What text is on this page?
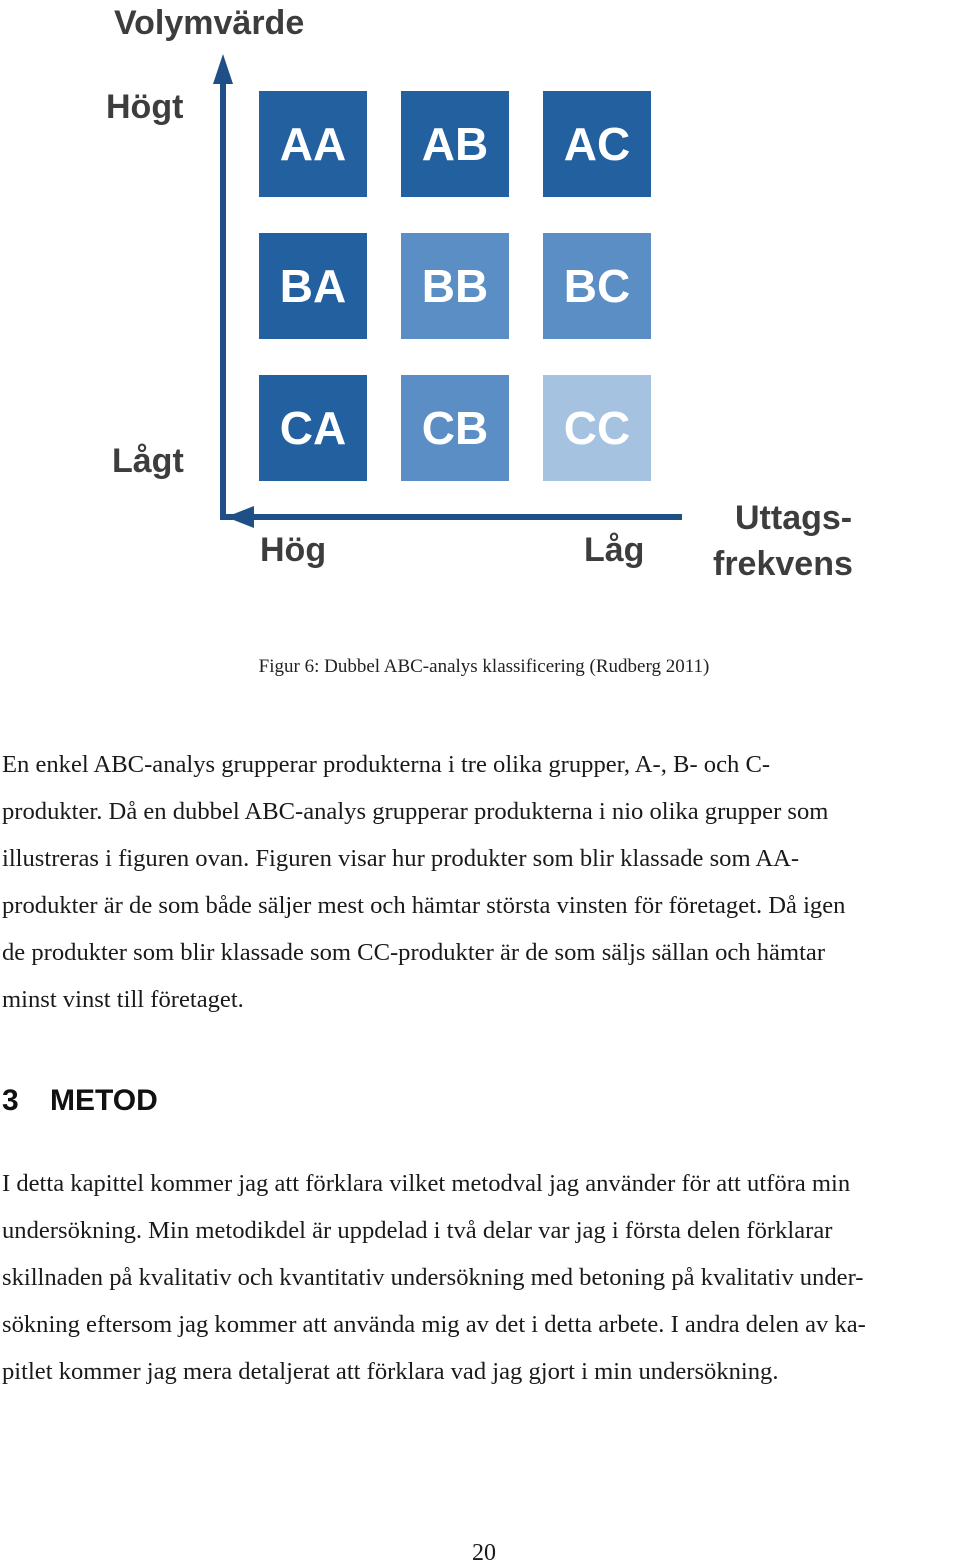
Volymvärde
Högt
Lågt
AA AB AC
BA BB BC
CA CB CC
Hög	Låg
Uttags-
frekvens
Figur 6: Dubbel ABC-analys klassificering (Rudberg 2011)
En enkel ABC-analys grupperar produkterna i tre olika grupper, A-, B- och C-
produkter. Då en dubbel ABC-analys grupperar produkterna i nio olika grupper som
illustreras i figuren ovan. Figuren visar hur produkter som blir klassade som AA-
produkter är de som både säljer mest och hämtar största vinsten för företaget. Då igen
de produkter som blir klassade som CC-produkter är de som säljs sällan och hämtar
minst vinst till företaget.
3 METOD
I detta kapittel kommer jag att förklara vilket metodval jag använder för att utföra min
undersökning. Min metodikdel är uppdelad i två delar var jag i första delen förklarar
skillnaden på kvalitativ och kvantitativ undersökning med betoning på kvalitativ under-
sökning eftersom jag kommer att använda mig av det i detta arbete. I andra delen av ka-
pitlet kommer jag mera detaljerat att förklara vad jag gjort i min undersökning.
20
